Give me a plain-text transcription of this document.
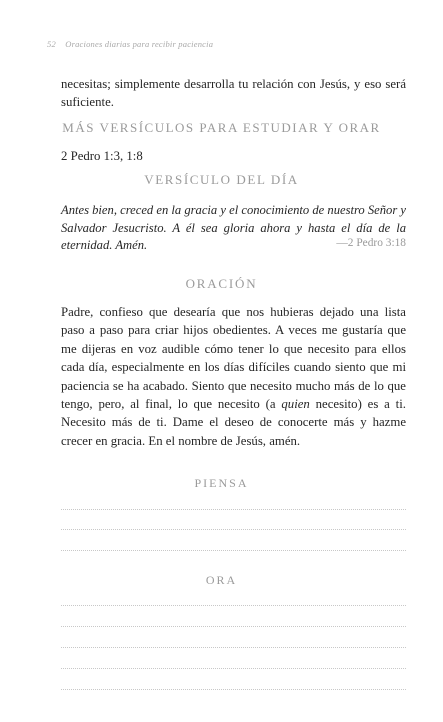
52 Oraciones diarias para recibir paciencia
necesitas; simplemente desarrolla tu relación con Jesús, y eso será suficiente.
MÁS VERSÍCULOS PARA ESTUDIAR Y ORAR
2 Pedro 1:3, 1:8
VERSÍCULO DEL DÍA
Antes bien, creced en la gracia y el conocimiento de nuestro Señor y Salvador Jesucristo. A él sea gloria ahora y hasta el día de la eternidad. Amén.	—2 Pedro 3:18
ORACIÓN
Padre, confieso que desearía que nos hubieras dejado una lista paso a paso para criar hijos obedientes. A veces me gustaría que me dijeras en voz audible cómo tener lo que necesito para ellos cada día, especialmente en los días difíciles cuando siento que mi paciencia se ha acabado. Siento que necesito mucho más de lo que tengo, pero, al final, lo que necesito (a quien necesito) es a ti. Necesito más de ti. Dame el deseo de conocerte más y hazme crecer en gracia. En el nombre de Jesús, amén.
PIENSA
ORA
